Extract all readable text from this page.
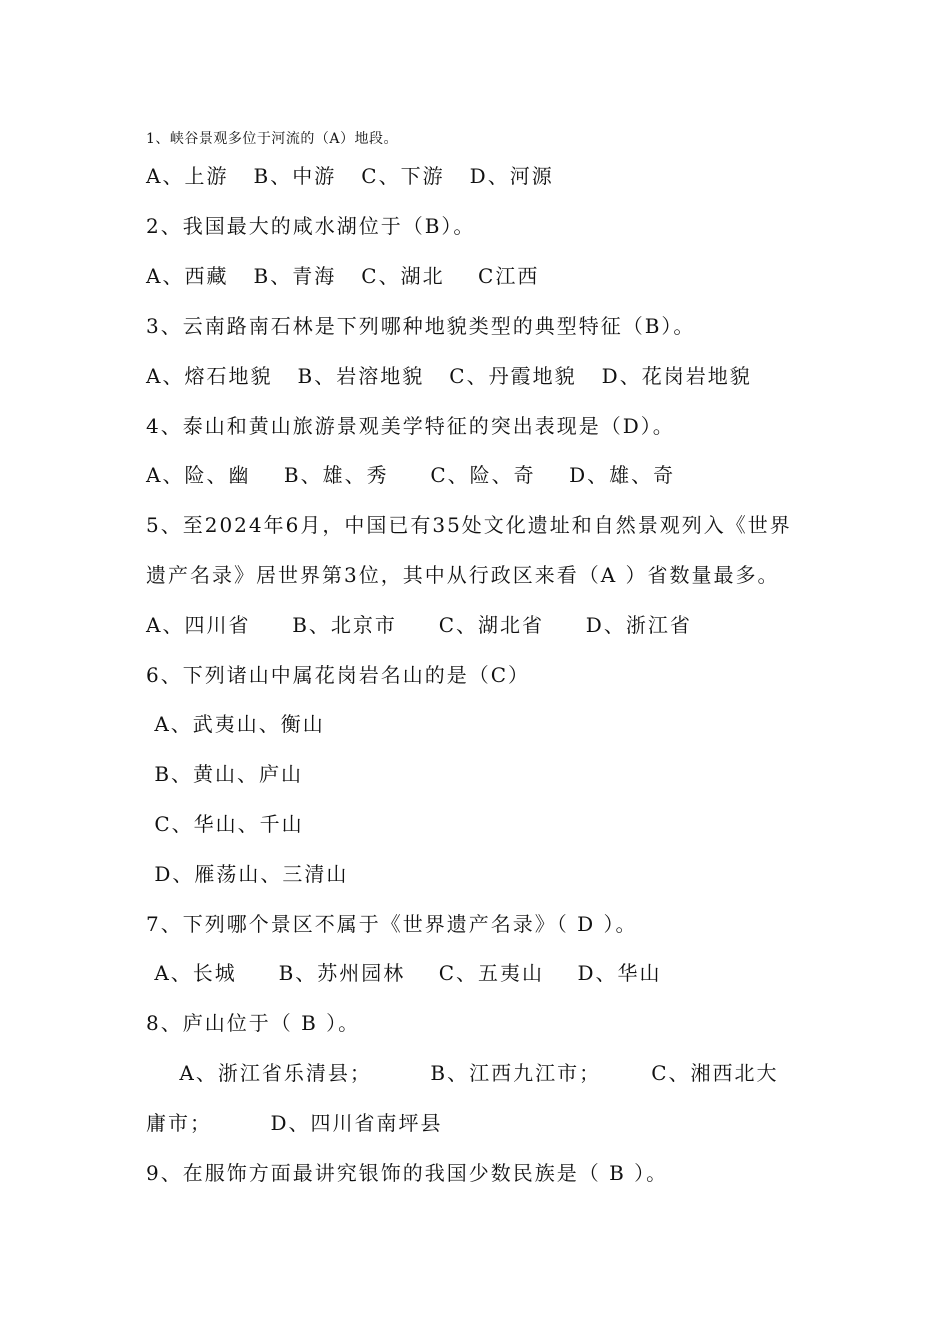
1、峡谷景观多位于河流的（A）地段。
A、上游   B、中游   C、下游   D、河源
2、我国最大的咸水湖位于（B）。
A、西藏   B、青海   C、湖北    C江西
3、云南路南石林是下列哪种地貌类型的典型特征（B）。
A、熔石地貌   B、岩溶地貌   C、丹霞地貌   D、花岗岩地貌
4、泰山和黄山旅游景观美学特征的突出表现是（D）。
A、险、幽    B、雄、秀     C、险、奇    D、雄、奇
5、至2024年6月，中国已有35处文化遗址和自然景观列入《世界
遗产名录》居世界第3位，其中从行政区来看（A ）省数量最多。
A、四川省     B、北京市     C、湖北省     D、浙江省
6、下列诸山中属花岗岩名山的是（C）
A、武夷山、衡山
B、黄山、庐山
C、华山、千山
D、雁荡山、三清山
7、下列哪个景区不属于《世界遗产名录》（ D ）。
A、长城     B、苏州园林    C、五夷山    D、华山
8、庐山位于（ B ）。
A、浙江省乐清县；       B、江西九江市；      C、湘西北大
庸市；       D、四川省南坪县
9、在服饰方面最讲究银饰的我国少数民族是（ B ）。
